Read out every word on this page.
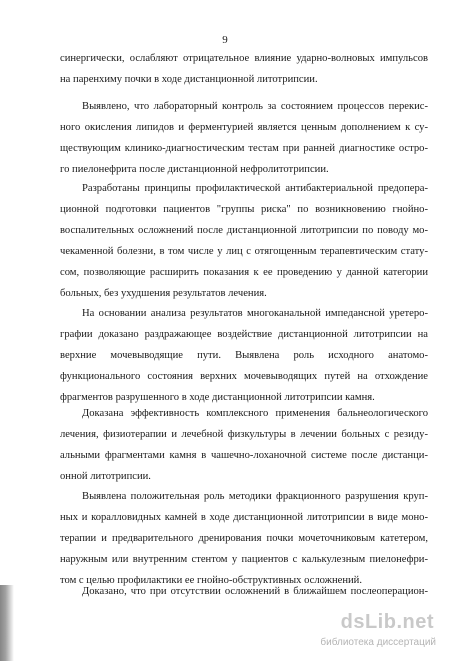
9
синергически, ослабляют отрицательное влияние ударно-волновых импульсов
на паренхиму почки в ходе дистанционной литотрипсии.
Выявлено, что лабораторный контроль за состоянием процессов перекис-
ного окисления липидов и ферментурией является ценным дополнением к су-
ществующим клинико-диагностическим тестам при ранней диагностике остро-
го пиелонефрита после дистанционной нефролитотрипсии.
Разработаны принципы профилактической антибактериальной предопера-
ционной подготовки пациентов "группы риска" по возникновению гнойно-
воспалительных осложнений после дистанционной литотрипсии по поводу мо-
чекаменной болезни, в том числе у лиц с отягощенным терапевтическим стату-
сом, позволяющие расширить показания к ее проведению у данной категории
больных, без ухудшения результатов лечения.
На основании анализа результатов многоканальной импедансной уретеро-
графии доказано раздражающее воздействие дистанционной литотрипсии на
верхние мочевыводящие пути. Выявлена роль исходного анатомо-
функционального состояния верхних мочевыводящих путей на отхождение
фрагментов разрушенного в ходе дистанционной литотрипсии камня.
Доказана эффективность комплексного применения бальнеологического
лечения, физиотерапии и лечебной физкультуры в лечении больных с резиду-
альными фрагментами камня в чашечно-лоханочной системе после дистанци-
онной литотрипсии.
Выявлена положительная роль методики фракционного разрушения круп-
ных и коралловидных камней в ходе дистанционной литотрипсии в виде моно-
терапии и предварительного дренирования почки мочеточниковым катетером,
наружным или внутренним стентом у пациентов с калькулезным пиелонефри-
том с целью профилактики ее гнойно-обструктивных осложнений.
Доказано, что при отсутствии осложнений в ближайшем послеоперацион-
dsLib.net
библиотека диссертаций
